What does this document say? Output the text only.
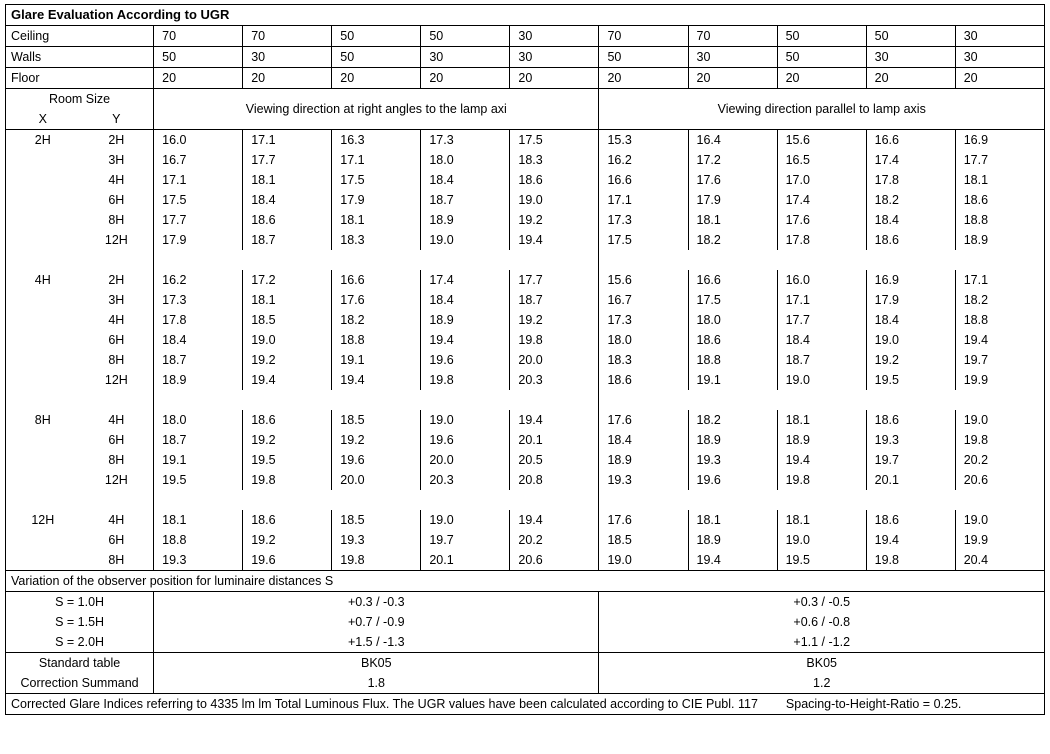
Glare Evaluation According to UGR										
Ceiling	70	70	50	50	30	70	70	50	50	30
Walls	50	30	50	30	30	50	30	50	30	30
Floor	20	20	20	20	20	20	20	20	20	20
Room Size	Viewing direction at right angles to the lamp axi					Viewing direction parallel to lamp axis				

X Y										

2H 2H	16.0	17.1	16.3	17.3	17.5	15.3	16.4	15.6	16.6	16.9

3H	16.7	17.7	17.1	18.0	18.3	16.2	17.2	16.5	17.4	17.7

4H	17.1	18.1	17.5	18.4	18.6	16.6	17.6	17.0	17.8	18.1

6H	17.5	18.4	17.9	18.7	19.0	17.1	17.9	17.4	18.2	18.6

8H	17.7	18.6	18.1	18.9	19.2	17.3	18.1	17.6	18.4	18.8

12H	17.9	18.7	18.3	19.0	19.4	17.5	18.2	17.8	18.6	18.9

4H 2H	16.2	17.2	16.6	17.4	17.7	15.6	16.6	16.0	16.9	17.1

3H	17.3	18.1	17.6	18.4	18.7	16.7	17.5	17.1	17.9	18.2

4H	17.8	18.5	18.2	18.9	19.2	17.3	18.0	17.7	18.4	18.8

6H	18.4	19.0	18.8	19.4	19.8	18.0	18.6	18.4	19.0	19.4

8H	18.7	19.2	19.1	19.6	20.0	18.3	18.8	18.7	19.2	19.7

12H	18.9	19.4	19.4	19.8	20.3	18.6	19.1	19.0	19.5	19.9

8H 4H	18.0	18.6	18.5	19.0	19.4	17.6	18.2	18.1	18.6	19.0

6H	18.7	19.2	19.2	19.6	20.1	18.4	18.9	18.9	19.3	19.8

8H	19.1	19.5	19.6	20.0	20.5	18.9	19.3	19.4	19.7	20.2

12H	19.5	19.8	20.0	20.3	20.8	19.3	19.6	19.8	20.1	20.6

12H 4H	18.1	18.6	18.5	19.0	19.4	17.6	18.1	18.1	18.6	19.0

6H	18.8	19.2	19.3	19.7	20.2	18.5	18.9	19.0	19.4	19.9

8H	19.3	19.6	19.8	20.1	20.6	19.0	19.4	19.5	19.8	20.4
Variation of the observer position for luminaire distances S										
S = 1.0H	+0.3 / -0.3					+0.3 / -0.5				
S = 1.5H	+0.7 / -0.9					+0.6 / -0.8				
S = 2.0H	+1.5 / -1.3					+1.1 / -1.2				
Standard table	BK05					BK05				
Correction Summand	1.8					1.2				
Corrected Glare Indices referring to 4335 lm lm Total Luminous Flux. The UGR values have been calculated according to CIE Publ. 117 Spacing-to-Height-Ratio = 0.25.										
